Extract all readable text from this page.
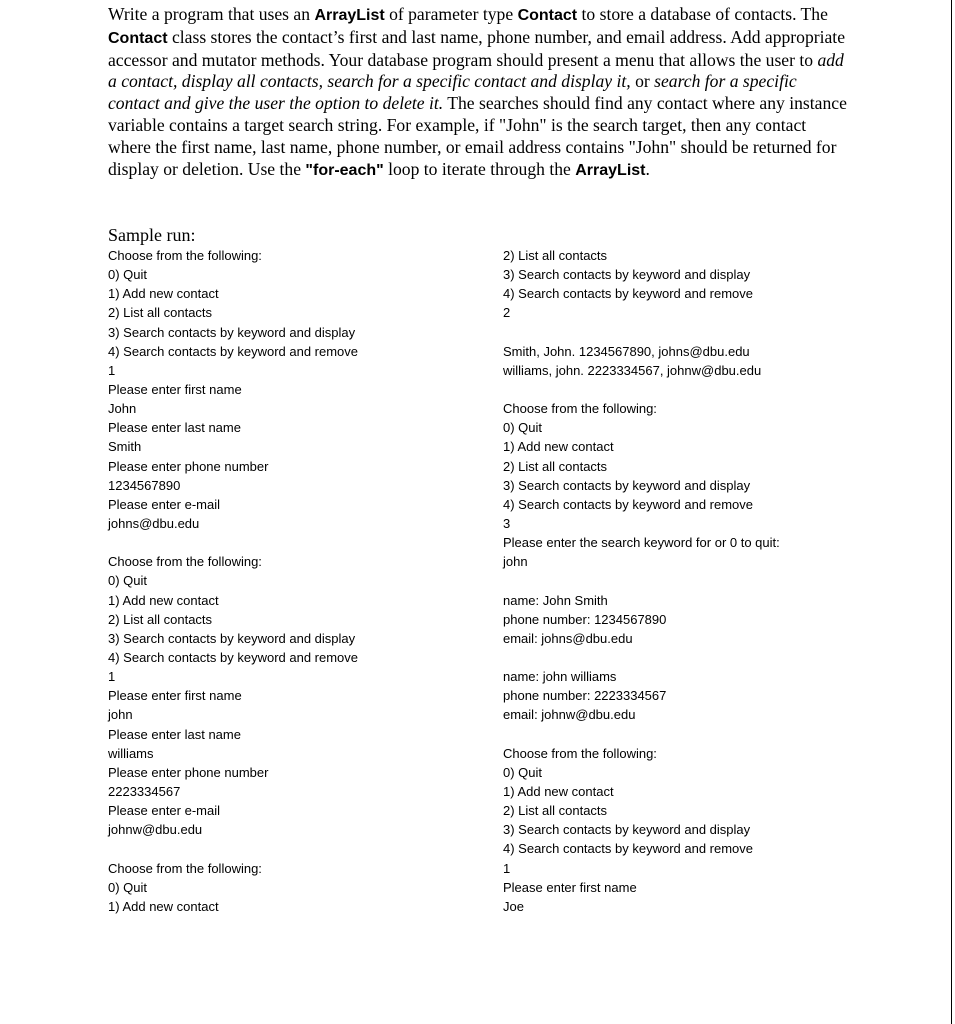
Write a program that uses an ArrayList of parameter type Contact to store a database of contacts. The Contact class stores the contact’s first and last name, phone number, and email address. Add appropriate accessor and mutator methods. Your database program should present a menu that allows the user to add a contact, display all contacts, search for a specific contact and display it, or search for a specific contact and give the user the option to delete it. The searches should find any contact where any instance variable contains a target search string. For example, if "John" is the search target, then any contact where the first name, last name, phone number, or email address contains "John" should be returned for display or deletion. Use the "for-each" loop to iterate through the ArrayList.
Sample run:
Choose from the following:
0) Quit
1) Add new contact
2) List all contacts
3) Search contacts by keyword and display
4) Search contacts by keyword and remove
1
Please enter first name
John
Please enter last name
Smith
Please enter phone number
1234567890
Please enter e-mail
johns@dbu.edu
Choose from the following:
0) Quit
1) Add new contact
2) List all contacts
3) Search contacts by keyword and display
4) Search contacts by keyword and remove
1
Please enter first name
john
Please enter last name
williams
Please enter phone number
2223334567
Please enter e-mail
johnw@dbu.edu
Choose from the following:
0) Quit
1) Add new contact
2) List all contacts
3) Search contacts by keyword and display
4) Search contacts by keyword and remove
2
Smith, John. 1234567890, johns@dbu.edu
williams, john. 2223334567, johnw@dbu.edu
Choose from the following:
0) Quit
1) Add new contact
2) List all contacts
3) Search contacts by keyword and display
4) Search contacts by keyword and remove
3
Please enter the search keyword for or 0 to quit:
john
name: John Smith
phone number: 1234567890
email: johns@dbu.edu
name: john williams
phone number: 2223334567
email: johnw@dbu.edu
Choose from the following:
0) Quit
1) Add new contact
2) List all contacts
3) Search contacts by keyword and display
4) Search contacts by keyword and remove
1
Please enter first name
Joe
